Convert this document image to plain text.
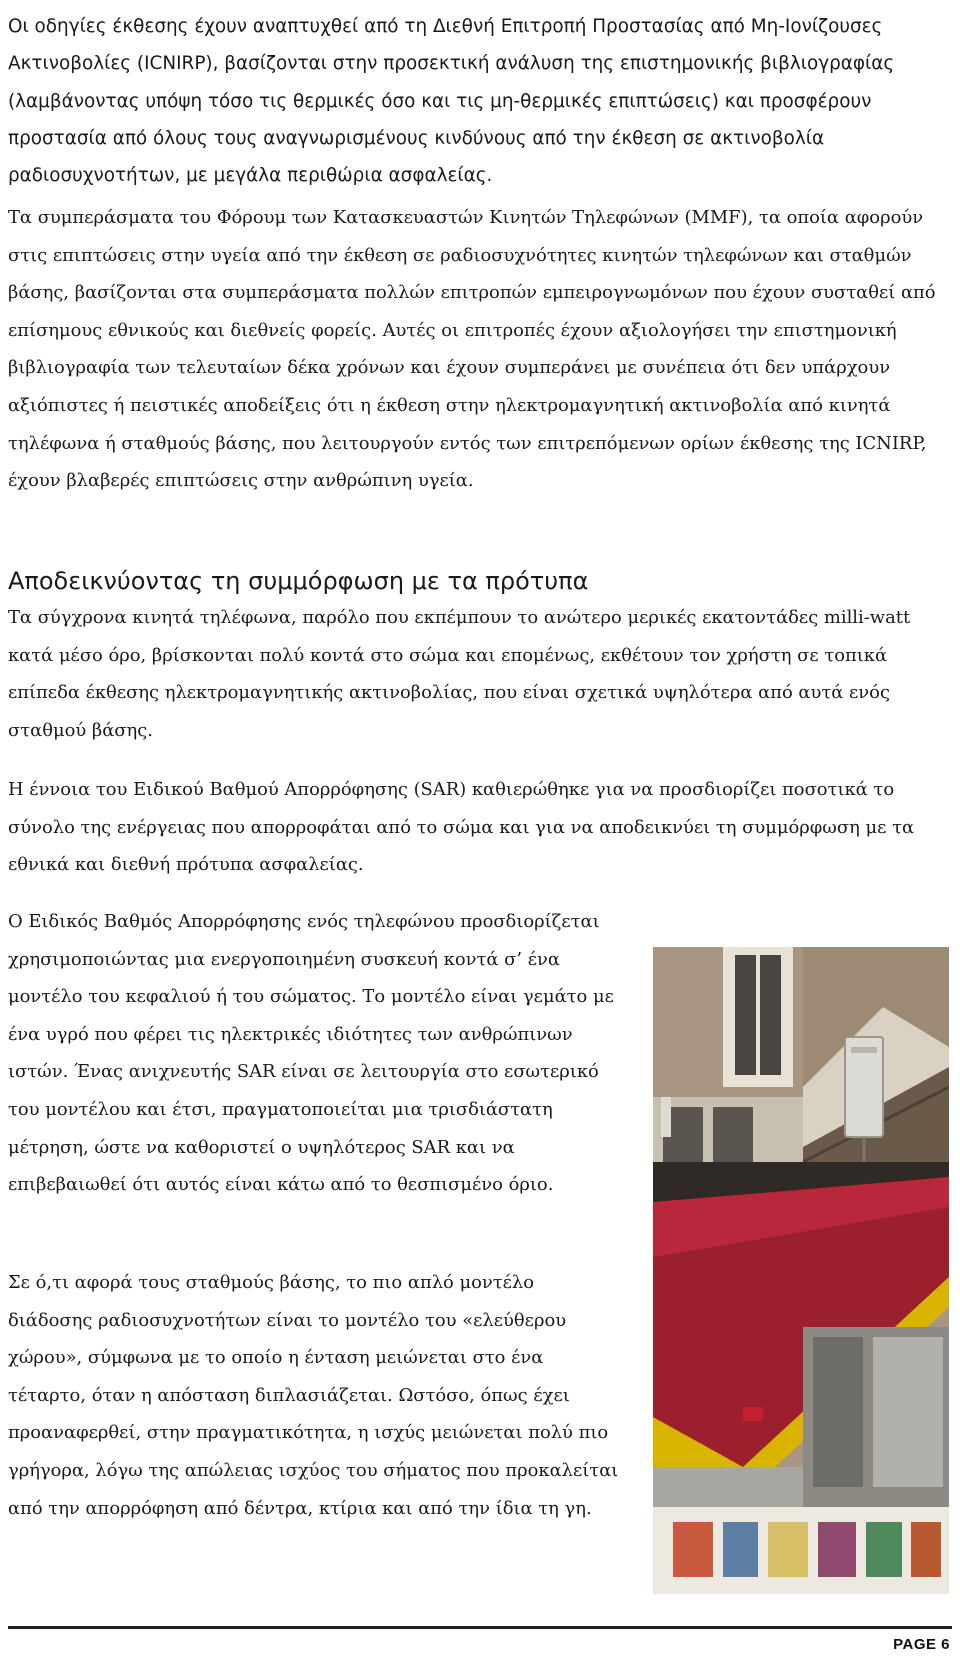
Οι οδηγίες έκθεσης έχουν αναπτυχθεί από τη Διεθνή Επιτροπή Προστασίας από Μη-Ιονίζουσες Ακτινοβολίες (ICNIRP), βασίζονται στην προσεκτική ανάλυση της επιστημονικής βιβλιογραφίας (λαμβάνοντας υπόψη τόσο τις θερμικές όσο και τις μη-θερμικές επιπτώσεις) και προσφέρουν προστασία από όλους τους αναγνωρισμένους κινδύνους από την έκθεση σε ακτινοβολία ραδιοσυχνοτήτων, με μεγάλα περιθώρια ασφαλείας.

Τα συμπεράσματα του Φόρουμ των Κατασκευαστών Κινητών Τηλεφώνων (MMF), τα οποία αφορούν στις επιπτώσεις στην υγεία από την έκθεση σε ραδιοσυχνότητες κινητών τηλεφώνων και σταθμών βάσης, βασίζονται στα συμπεράσματα πολλών επιτροπών εμπειρογνωμόνων που έχουν συσταθεί από επίσημους εθνικούς και διεθνείς φορείς. Αυτές οι επιτροπές έχουν αξιολογήσει την επιστημονική βιβλιογραφία των τελευταίων δέκα χρόνων και έχουν συμπεράνει με συνέπεια ότι δεν υπάρχουν αξιόπιστες ή πειστικές αποδείξεις ότι η έκθεση στην ηλεκτρομαγνητική ακτινοβολία από κινητά τηλέφωνα ή σταθμούς βάσης, που λειτουργούν εντός των επιτρεπόμενων ορίων έκθεσης της ICNIRP, έχουν βλαβερές επιπτώσεις στην ανθρώπινη υγεία.

Αποδεικνύοντας τη συμμόρφωση με τα πρότυπα

Τα σύγχρονα κινητά τηλέφωνα, παρόλο που εκπέμπουν το ανώτερο μερικές εκατοντάδες milli-watt κατά μέσο όρο, βρίσκονται πολύ κοντά στο σώμα και επομένως, εκθέτουν τον χρήστη σε τοπικά επίπεδα έκθεσης ηλεκτρομαγνητικής ακτινοβολίας, που είναι σχετικά υψηλότερα από αυτά ενός σταθμού βάσης.

Η έννοια του Ειδικού Βαθμού Απορρόφησης (SAR) καθιερώθηκε για να προσδιορίζει ποσοτικά το σύνολο της ενέργειας που απορροφάται από το σώμα και για να αποδεικνύει τη συμμόρφωση με τα εθνικά και διεθνή πρότυπα ασφαλείας.

Ο Ειδικός Βαθμός Απορρόφησης ενός τηλεφώνου προσδιορίζεται χρησιμοποιώντας μια ενεργοποιημένη συσκευή κοντά σ’ ένα μοντέλο του κεφαλιού ή του σώματος. Το μοντέλο είναι γεμάτο με ένα υγρό που φέρει τις ηλεκτρικές ιδιότητες των ανθρώπινων ιστών. Ένας ανιχνευτής SAR είναι σε λειτουργία στο εσωτερικό του μοντέλου και έτσι, πραγματοποιείται μια τρισδιάστατη μέτρηση, ώστε να καθοριστεί ο υψηλότερος SAR και να επιβεβαιωθεί ότι αυτός είναι κάτω από το θεσπισμένο όριο.

Σε ό,τι αφορά τους σταθμούς βάσης, το πιο απλό μοντέλο διάδοσης ραδιοσυχνοτήτων είναι το μοντέλο του «ελεύθερου χώρου», σύμφωνα με το οποίο η ένταση μειώνεται στο ένα τέταρτο, όταν η απόσταση διπλασιάζεται. Ωστόσο, όπως έχει προαναφερθεί, στην πραγματικότητα, η ισχύς μειώνεται πολύ πιο γρήγορα, λόγω της απώλειας ισχύος του σήματος που προκαλείται από την απορρόφηση από δέντρα, κτίρια και από την ίδια τη γη.

PAGE 6
